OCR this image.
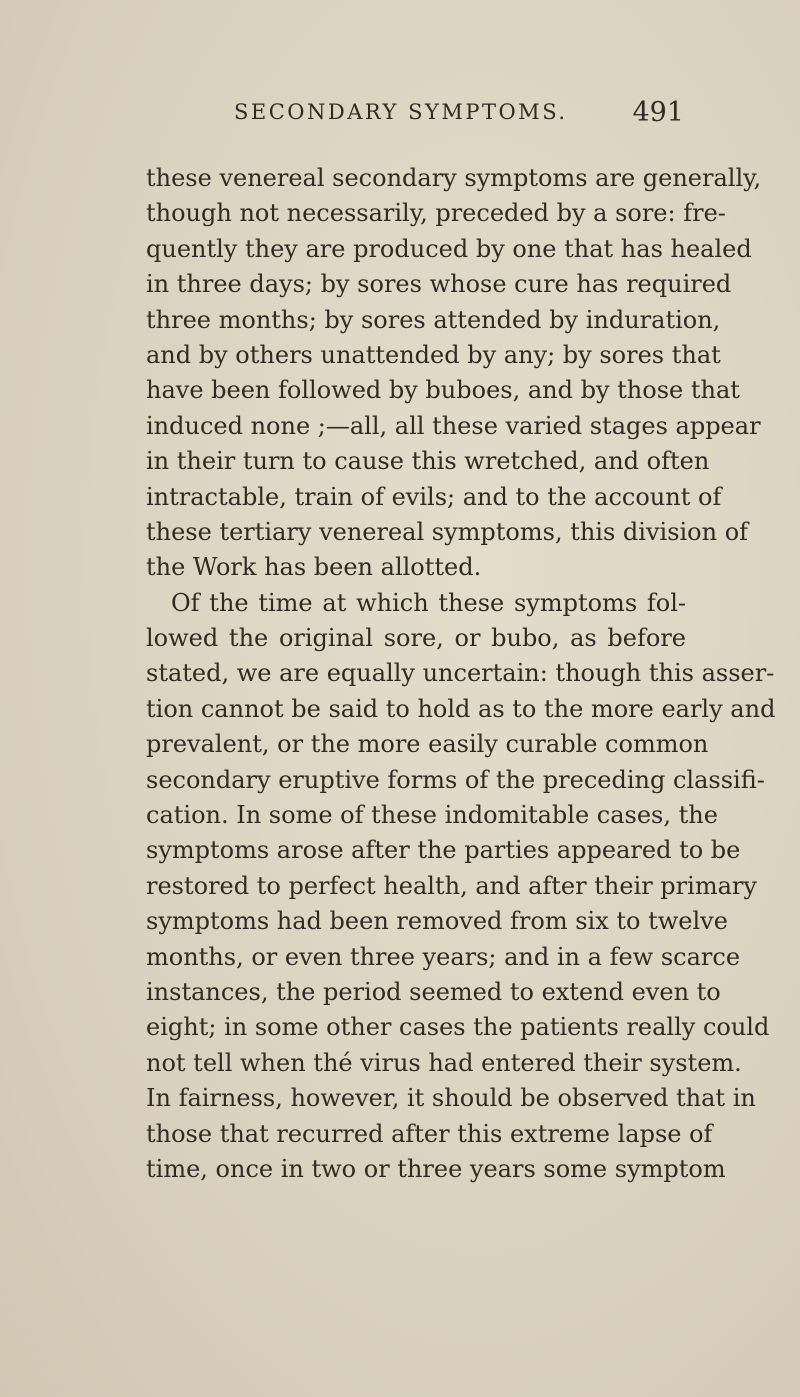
SECONDARY SYMPTOMS. 491
these venereal secondary symptoms are generally,
though not necessarily, preceded by a sore: fre-
quently they are produced by one that has healed
in three days; by sores whose cure has required
three months; by sores attended by induration,
and by others unattended by any; by sores that
have been followed by buboes, and by those that
induced none ;—all, all these varied stages appear
in their turn to cause this wretched, and often
intractable, train of evils; and to the account of
these tertiary venereal symptoms, this division of
the Work has been allotted.
Of the time at which these symptoms fol-
lowed the original sore, or bubo, as before
stated, we are equally uncertain: though this asser-
tion cannot be said to hold as to the more early and
prevalent, or the more easily curable common
secondary eruptive forms of the preceding classifi-
cation. In some of these indomitable cases, the
symptoms arose after the parties appeared to be
restored to perfect health, and after their primary
symptoms had been removed from six to twelve
months, or even three years; and in a few scarce
instances, the period seemed to extend even to
eight; in some other cases the patients really could
not tell when thé virus had entered their system.
In fairness, however, it should be observed that in
those that recurred after this extreme lapse of
time, once in two or three years some symptom
